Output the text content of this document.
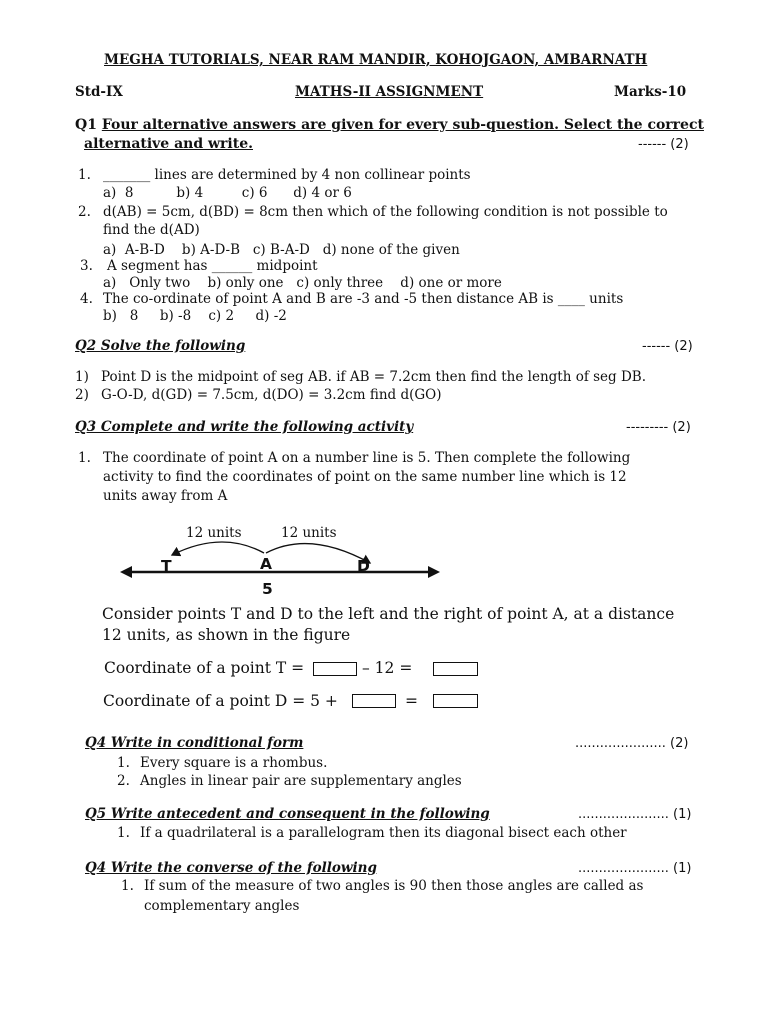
MEGHA TUTORIALS, NEAR RAM MANDIR, KOHOJGAON, AMBARNATH
Std-IX	MATHS-II ASSIGNMENT	Marks-10
Q1 Four alternative answers are given for every sub-question. Select the correct
alternative and write.	------ (2)
1. _______ lines are determined by 4 non collinear points
a)  8          b) 4         c) 6      d) 4 or 6
2. d(AB) = 5cm, d(BD) = 8cm then which of the following condition is not possible to
find the d(AD)
a)  A-B-D    b) A-D-B   c) B-A-D   d) none of the given
3. A segment has ______ midpoint
a)   Only two    b) only one   c) only three    d) one or more
4. The co-ordinate of point A and B are -3 and -5 then distance AB is ____ units
b)   8     b) -8    c) 2     d) -2
Q2 Solve the following	------ (2)
1) Point D is the midpoint of seg AB. if AB = 7.2cm then find the length of seg DB.
2) G-O-D, d(GD) = 7.5cm, d(DO) = 3.2cm find d(GO)
Q3 Complete and write the following activity	--------- (2)
1. The coordinate of point A on a number line is 5. Then complete the following
activity to find the coordinates of point on the same number line which is 12
units away from A
12 units	12 units
T	A	D
5
Consider points T and D to the left and the right of point A, at a distance
12 units, as shown in the figure
Coordinate of a point T =	– 12 =
Coordinate of a point D = 5 +	=
Q4 Write in conditional form	...................... (2)
1. Every square is a rhombus.
2. Angles in linear pair are supplementary angles
Q5 Write antecedent and consequent in the following	...................... (1)
1. If a quadrilateral is a parallelogram then its diagonal bisect each other
Q4 Write the converse of the following	...................... (1)
1. If sum of the measure of two angles is 90 then those angles are called as
complementary angles
